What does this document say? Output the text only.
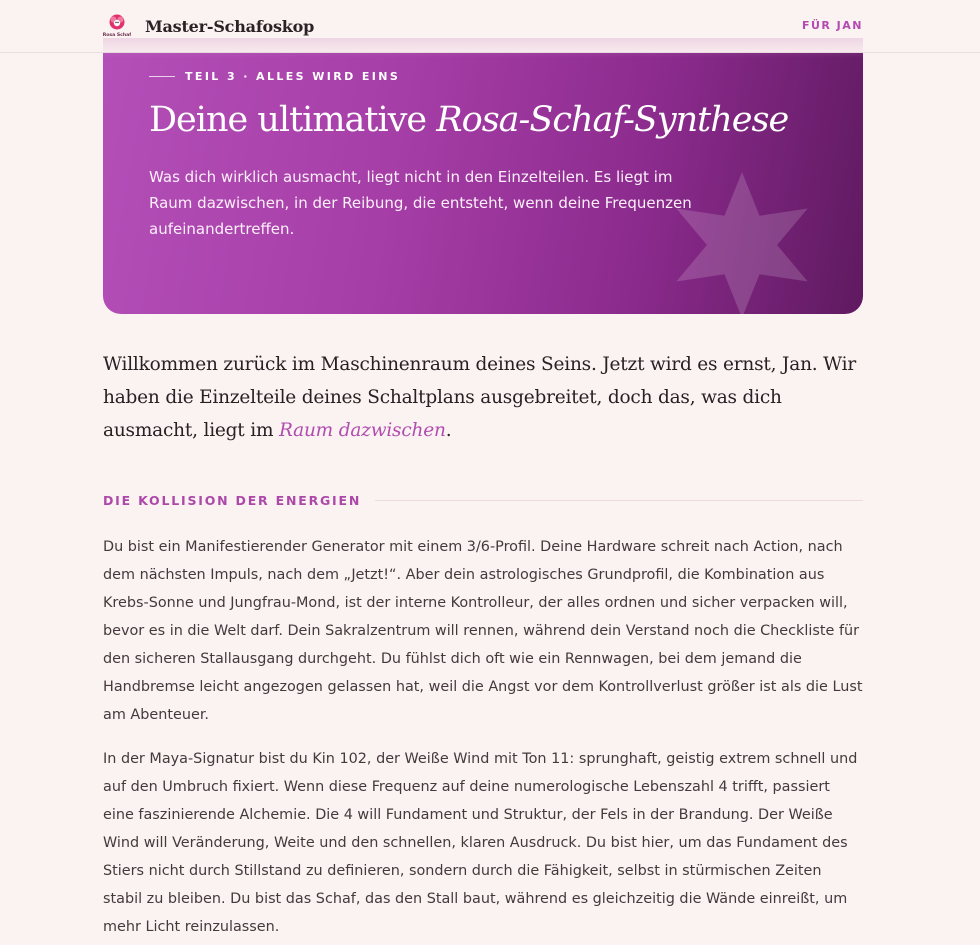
Rosa Schaf Master-Schafoskop	FÜR JAN
TEIL 3 · ALLES WIRD EINS
Deine ultimative Rosa-Schaf-Synthese

Was dich wirklich ausmacht, liegt nicht in den Einzelteilen. Es liegt im Raum dazwischen, in der Reibung, die entsteht, wenn deine Frequenzen aufeinandertreffen.

Willkommen zurück im Maschinenraum deines Seins. Jetzt wird es ernst, Jan. Wir haben die Einzelteile deines Schaltplans ausgebreitet, doch das, was dich ausmacht, liegt im Raum dazwischen.

DIE KOLLISION DER ENERGIEN

Du bist ein Manifestierender Generator mit einem 3/6-Profil. Deine Hardware schreit nach Action, nach dem nächsten Impuls, nach dem „Jetzt!“. Aber dein astrologisches Grundprofil, die Kombination aus Krebs-Sonne und Jungfrau-Mond, ist der interne Kontrolleur, der alles ordnen und sicher verpacken will, bevor es in die Welt darf. Dein Sakralzentrum will rennen, während dein Verstand noch die Checkliste für den sicheren Stallausgang durchgeht. Du fühlst dich oft wie ein Rennwagen, bei dem jemand die Handbremse leicht angezogen gelassen hat, weil die Angst vor dem Kontrollverlust größer ist als die Lust am Abenteuer.

In der Maya-Signatur bist du Kin 102, der Weiße Wind mit Ton 11: sprunghaft, geistig extrem schnell und auf den Umbruch fixiert. Wenn diese Frequenz auf deine numerologische Lebenszahl 4 trifft, passiert eine faszinierende Alchemie. Die 4 will Fundament und Struktur, der Fels in der Brandung. Der Weiße Wind will Veränderung, Weite und den schnellen, klaren Ausdruck. Du bist hier, um das Fundament des Stiers nicht durch Stillstand zu definieren, sondern durch die Fähigkeit, selbst in stürmischen Zeiten stabil zu bleiben. Du bist das Schaf, das den Stall baut, während es gleichzeitig die Wände einreißt, um mehr Licht reinzulassen.
